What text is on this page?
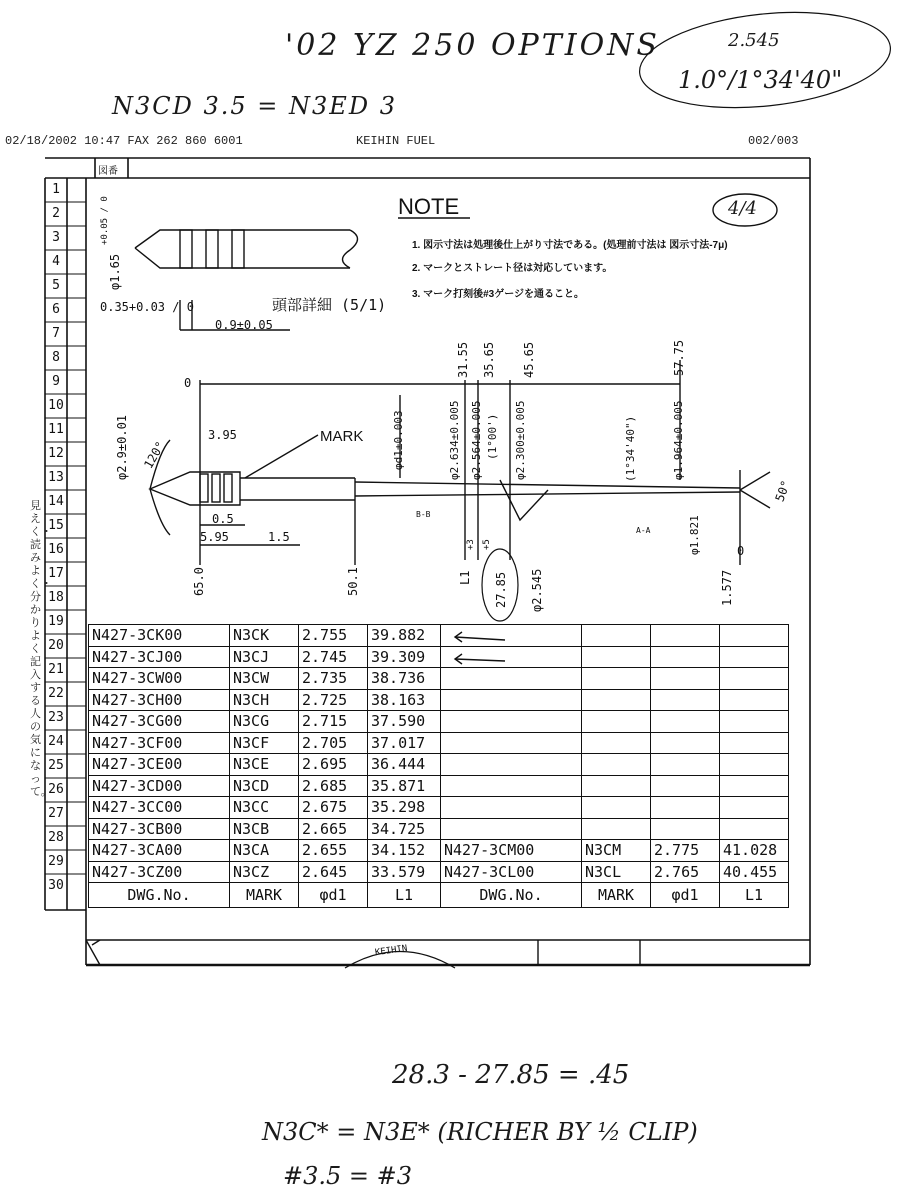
'02 YZ 250 OPTIONS	2.545
1.0°/1°34'40"
N3CD 3.5 = N3ED 3
02/18/2002 10:47 FAX 262 860 6001	KEIHIN FUEL	002/003
1
2
3
4
5
6
7
8
9
10
11
12
13
14
15
16
17
18
19
20
21
22
23
24
25
26
27
28
29
30
NOTE
1. 図示寸法は処理後仕上がり寸法である。(処理前寸法は 図示寸法-7μ)
2. マークとストレート径は対応しています。
3. マーク打刻後#3ゲージを通ること。
4/4
図番
頭部詳細 (5/1)
φ1.65
+0.05 / 0
0.35+0.03 / 0
0.9±0.05
MARK
φ2.9±0.01 120°
3.95
0.5
5.95	1.5
φd1±0.003	φ2.634±0.005 φ2.564±0.005 (1°00') φ2.300±0.005	(1°34'40")	φ1.964±0.005
φ1.821
50°
0
31.55 35.65 45.65	57.75
65.0	50.1	L1 27.85 φ2.545	1.577
0
B-B
A-A
+3 +5
見えく・読みよく・分かりよく　記入する人の気になって。
KEIHIN
N427-3CK00	N3CK	2.755	39.882				
N427-3CJ00	N3CJ	2.745	39.309				
N427-3CW00	N3CW	2.735	38.736				
N427-3CH00	N3CH	2.725	38.163				
N427-3CG00	N3CG	2.715	37.590				
N427-3CF00	N3CF	2.705	37.017				
N427-3CE00	N3CE	2.695	36.444				
N427-3CD00	N3CD	2.685	35.871				
N427-3CC00	N3CC	2.675	35.298				
N427-3CB00	N3CB	2.665	34.725				
N427-3CA00	N3CA	2.655	34.152	N427-3CM00	N3CM	2.775	41.028
N427-3CZ00	N3CZ	2.645	33.579	N427-3CL00	N3CL	2.765	40.455
DWG.No.	MARK	φd1	L1	DWG.No.	MARK	φd1	L1
28.3 - 27.85 = .45
N3C* = N3E* (RICHER BY ½ CLIP)
#3.5 = #3
